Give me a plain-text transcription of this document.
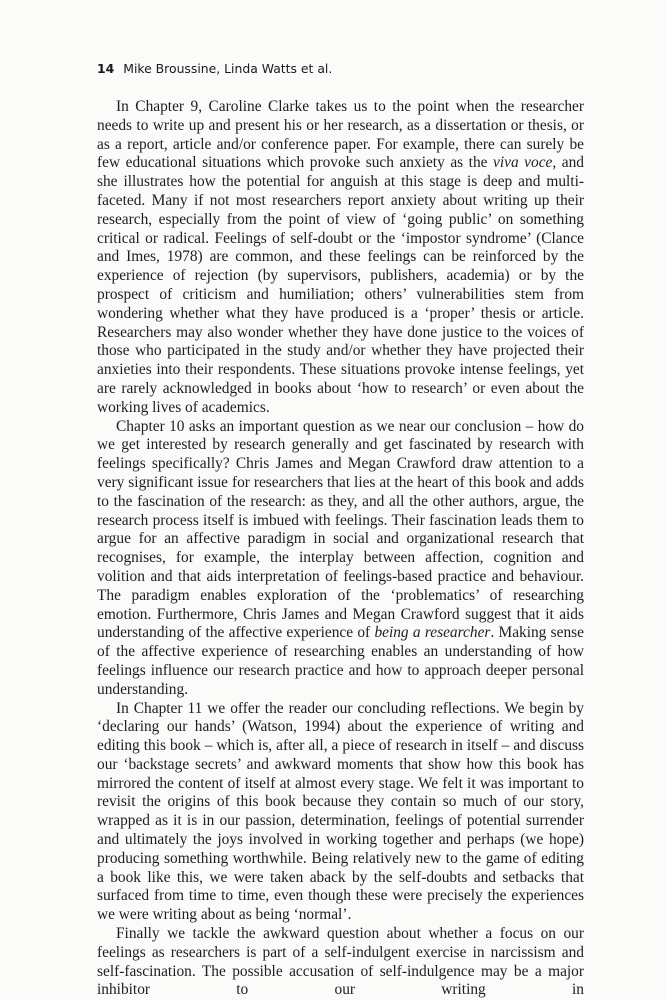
14 Mike Broussine, Linda Watts et al.

In Chapter 9, Caroline Clarke takes us to the point when the researcher needs to write up and present his or her research, as a dissertation or thesis, or as a report, article and/or conference paper. For example, there can surely be few educational situations which provoke such anxiety as the viva voce, and she illustrates how the potential for anguish at this stage is deep and multi-faceted. Many if not most researchers report anxiety about writing up their research, especially from the point of view of ‘going public’ on something critical or radical. Feelings of self-doubt or the ‘impostor syndrome’ (Clance and Imes, 1978) are common, and these feelings can be reinforced by the experience of rejection (by supervisors, publishers, academia) or by the prospect of criticism and humiliation; others’ vulnerabilities stem from wondering whether what they have produced is a ‘proper’ thesis or article. Researchers may also wonder whether they have done justice to the voices of those who participated in the study and/or whether they have projected their anxieties into their respondents. These situations provoke intense feelings, yet are rarely acknowledged in books about ‘how to research’ or even about the working lives of academics.

Chapter 10 asks an important question as we near our conclusion – how do we get interested by research generally and get fascinated by research with feelings specifically? Chris James and Megan Crawford draw attention to a very significant issue for researchers that lies at the heart of this book and adds to the fascination of the research: as they, and all the other authors, argue, the research process itself is imbued with feelings. Their fascination leads them to argue for an affective paradigm in social and organizational research that recognises, for example, the interplay between affection, cognition and volition and that aids interpretation of feelings-based practice and behaviour. The paradigm enables exploration of the ‘problematics’ of researching emotion. Furthermore, Chris James and Megan Crawford suggest that it aids understanding of the affective experience of being a researcher. Making sense of the affective experience of researching enables an understanding of how feelings influence our research practice and how to approach deeper personal understanding.

In Chapter 11 we offer the reader our concluding reflections. We begin by ‘declaring our hands’ (Watson, 1994) about the experience of writing and editing this book – which is, after all, a piece of research in itself – and discuss our ‘backstage secrets’ and awkward moments that show how this book has mirrored the content of itself at almost every stage. We felt it was important to revisit the origins of this book because they contain so much of our story, wrapped as it is in our passion, determination, feelings of potential surrender and ultimately the joys involved in working together and perhaps (we hope) producing something worthwhile. Being relatively new to the game of editing a book like this, we were taken aback by the self-doubts and setbacks that surfaced from time to time, even though these were precisely the experiences we were writing about as being ‘normal’.

Finally we tackle the awkward question about whether a focus on our feelings as researchers is part of a self-indulgent exercise in narcissism and self-fascination. The possible accusation of self-indulgence may be a major inhibitor to our writing in
